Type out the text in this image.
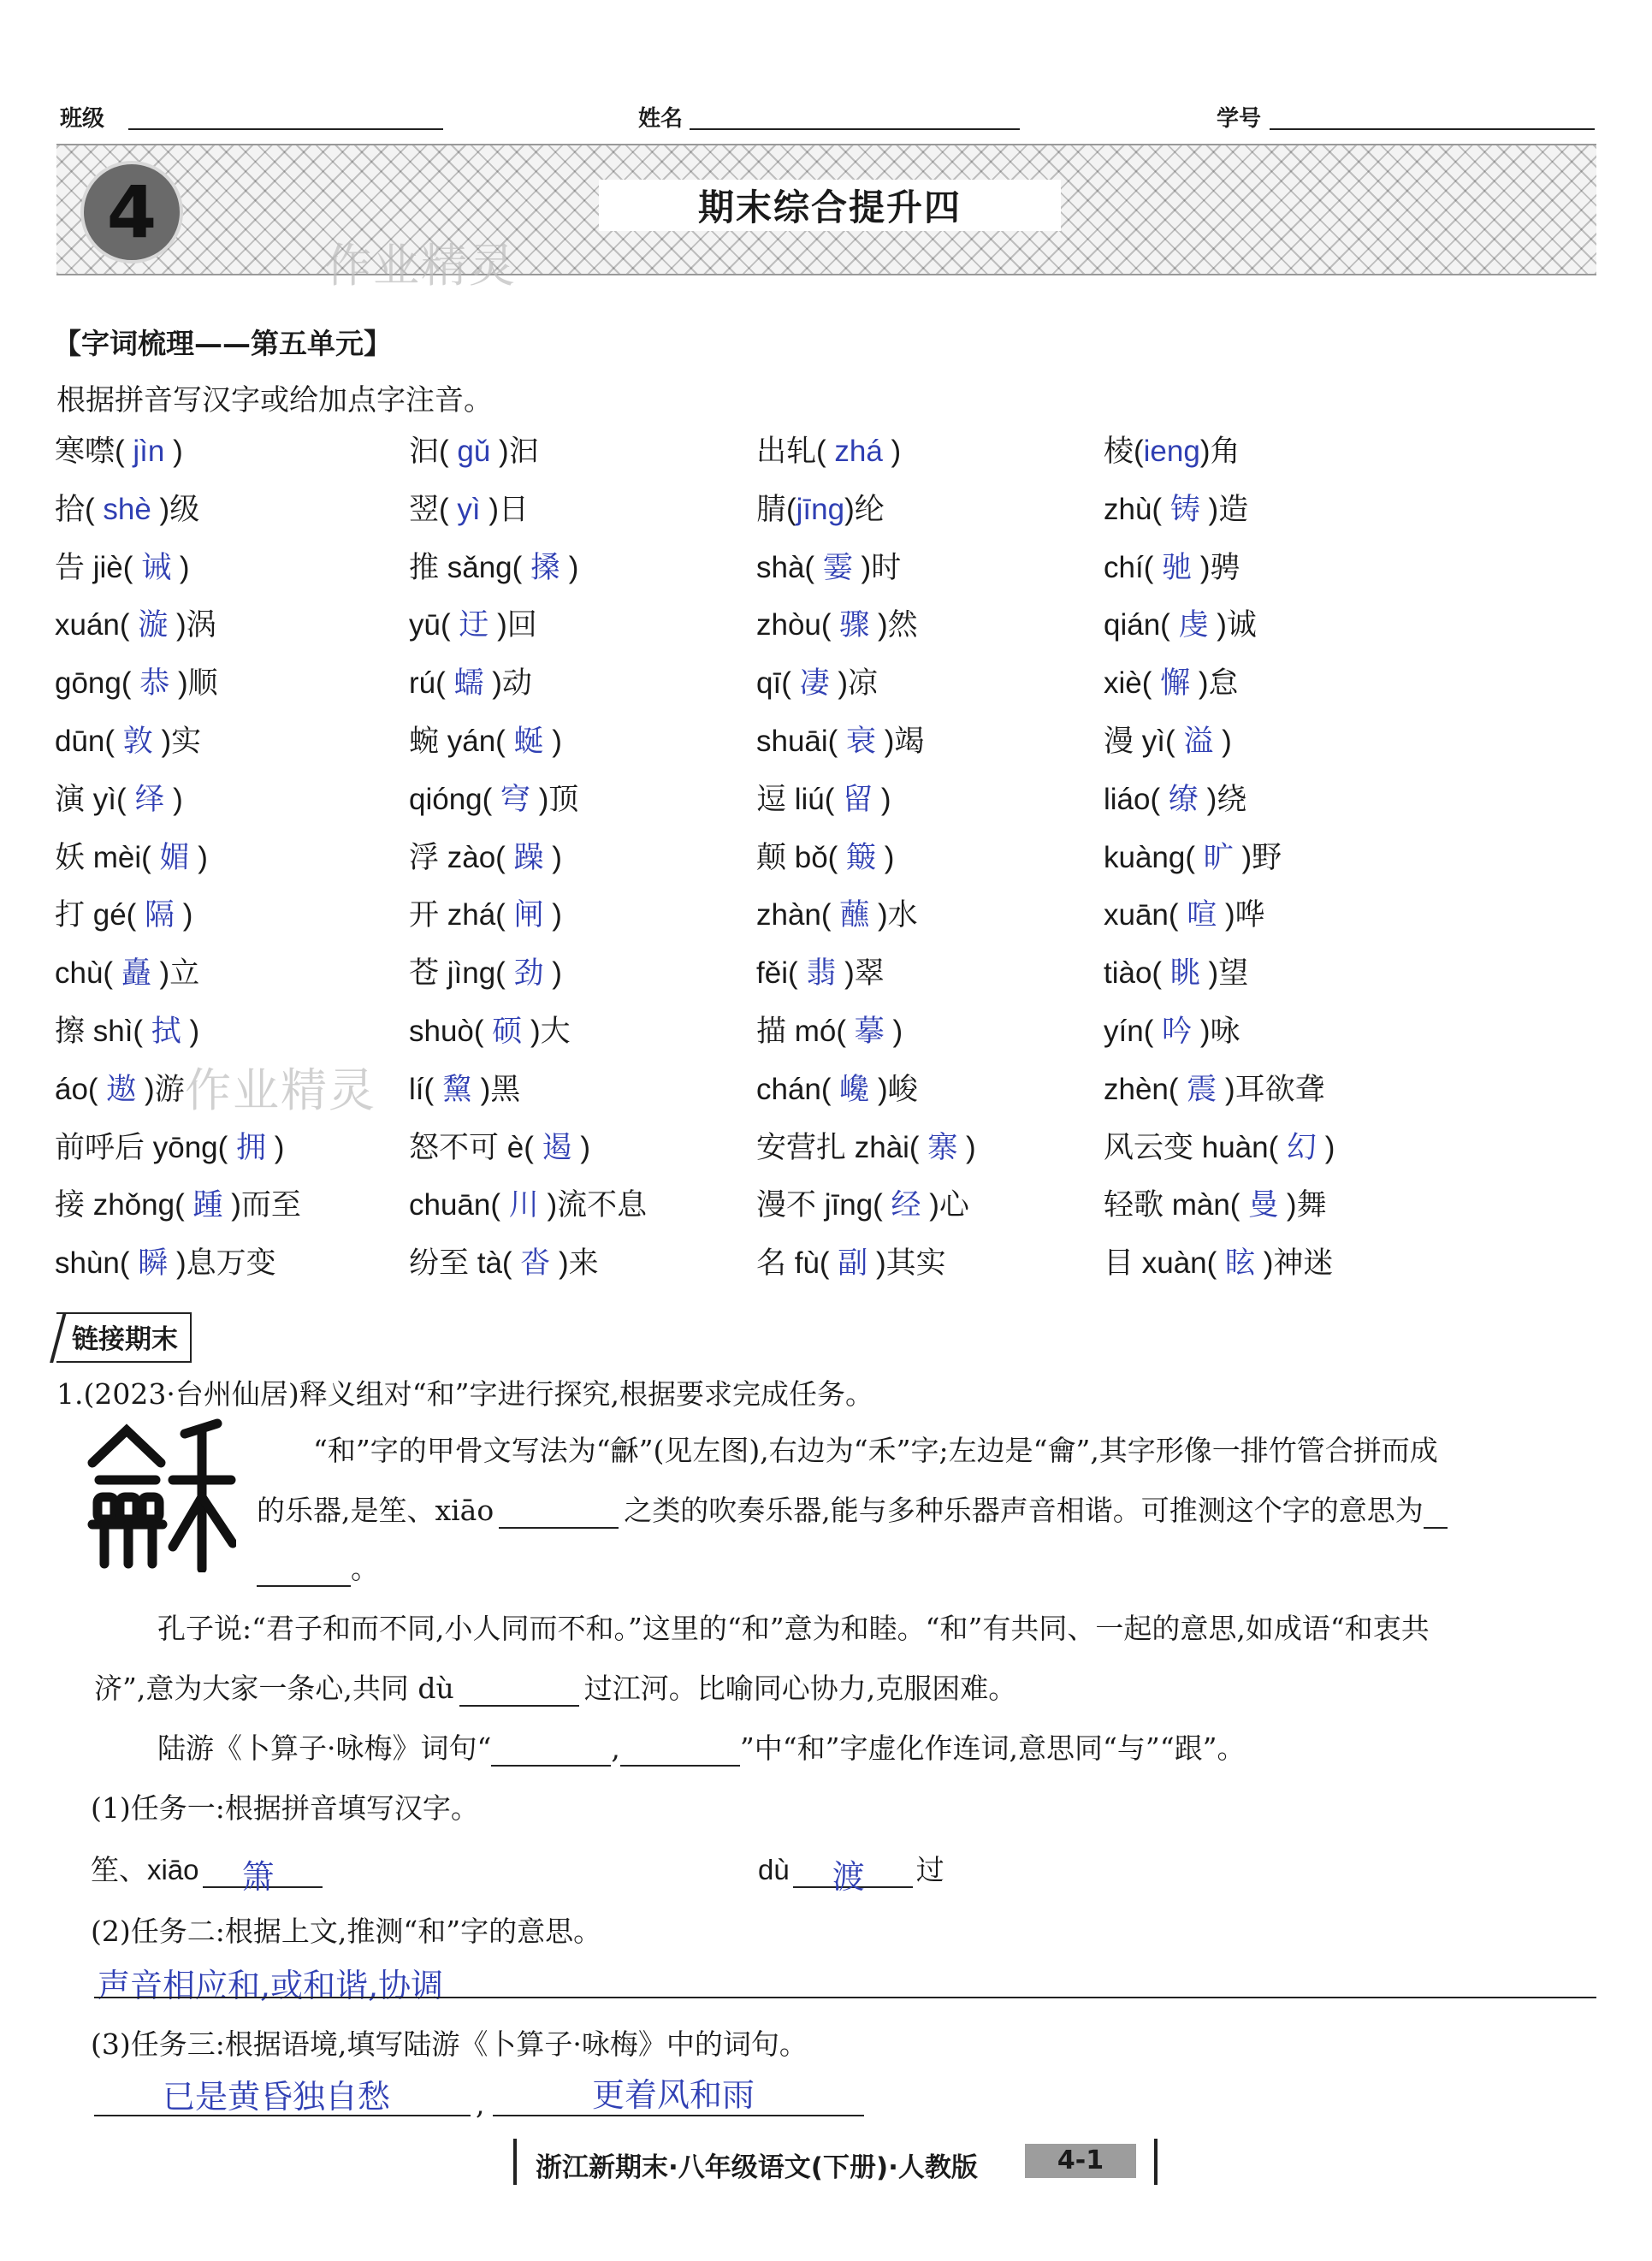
班级	姓名	学号
4	期末综合提升四
作业精灵
【字词梳理——第五单元】
根据拼音写汉字或给加点字注音。
寒噤( jìn )	汩( gǔ )汩	出轧( zhá )	棱(ieng)角
拾( shè )级	翌( yì )日	腈(jīng)纶	zhù( 铸 )造
告 jiè( 诫 )	推 sǎng( 搡 )	shà( 霎 )时	chí( 驰 )骋
xuán( 漩 )涡	yū( 迂 )回	zhòu( 骤 )然	qián( 虔 )诚
gōng( 恭 )顺	rú( 蠕 )动	qī( 凄 )凉	xiè( 懈 )怠
dūn( 敦 )实	蜿 yán( 蜒 )	shuāi( 衰 )竭	漫 yì( 溢 )
演 yì( 绎 )	qióng( 穹 )顶	逗 liú( 留 )	liáo( 缭 )绕
妖 mèi( 媚 )	浮 zào( 躁 )	颠 bǒ( 簸 )	kuàng( 旷 )野
打 gé( 隔 )	开 zhá( 闸 )	zhàn( 蘸 )水	xuān( 喧 )哗
chù( 矗 )立	苍 jìng( 劲 )	fěi( 翡 )翠	tiào( 眺 )望
擦 shì( 拭 )	shuò( 硕 )大	描 mó( 摹 )	yín( 吟 )咏
áo( 遨 )游	lí( 黧 )黑	chán( 巉 )峻	zhèn( 震 )耳欲聋
前呼后 yōng( 拥 )	怒不可 è( 遏 )	安营扎 zhài( 寨 )	风云变 huàn( 幻 )
接 zhǒng( 踵 )而至	chuān( 川 )流不息	漫不 jīng( 经 )心	轻歌 màn( 曼 )舞
shùn( 瞬 )息万变	纷至 tà( 沓 )来	名 fù( 副 )其实	目 xuàn( 眩 )神迷
作业精灵
链接期末
1.(2023·台州仙居)释义组对“和”字进行探究,根据要求完成任务。
“和”字的甲骨文写法为“龢”(见左图),右边为“禾”字;左边是“龠”,其字形像一排竹管合拼而成
的乐器,是笙、xiāo	之类的吹奏乐器,能与多种乐器声音相谐。可推测这个字的意思为
。
孔子说:“君子和而不同,小人同而不和。”这里的“和”意为和睦。“和”有共同、一起的意思,如成语“和衷共
济”,意为大家一条心,共同 dù	过江河。比喻同心协力,克服困难。
陆游《卜算子·咏梅》词句“	,	”中“和”字虚化作连词,意思同“与”“跟”。
(1)任务一:根据拼音填写汉字。
笙、xiāo 箫	dù 渡 过
(2)任务二:根据上文,推测“和”字的意思。
声音相应和,或和谐,协调
(3)任务三:根据语境,填写陆游《卜算子·咏梅》中的词句。
已是黄昏独自愁	,	更着风和雨
浙江新期末·八年级语文(下册)·人教版	4-1
